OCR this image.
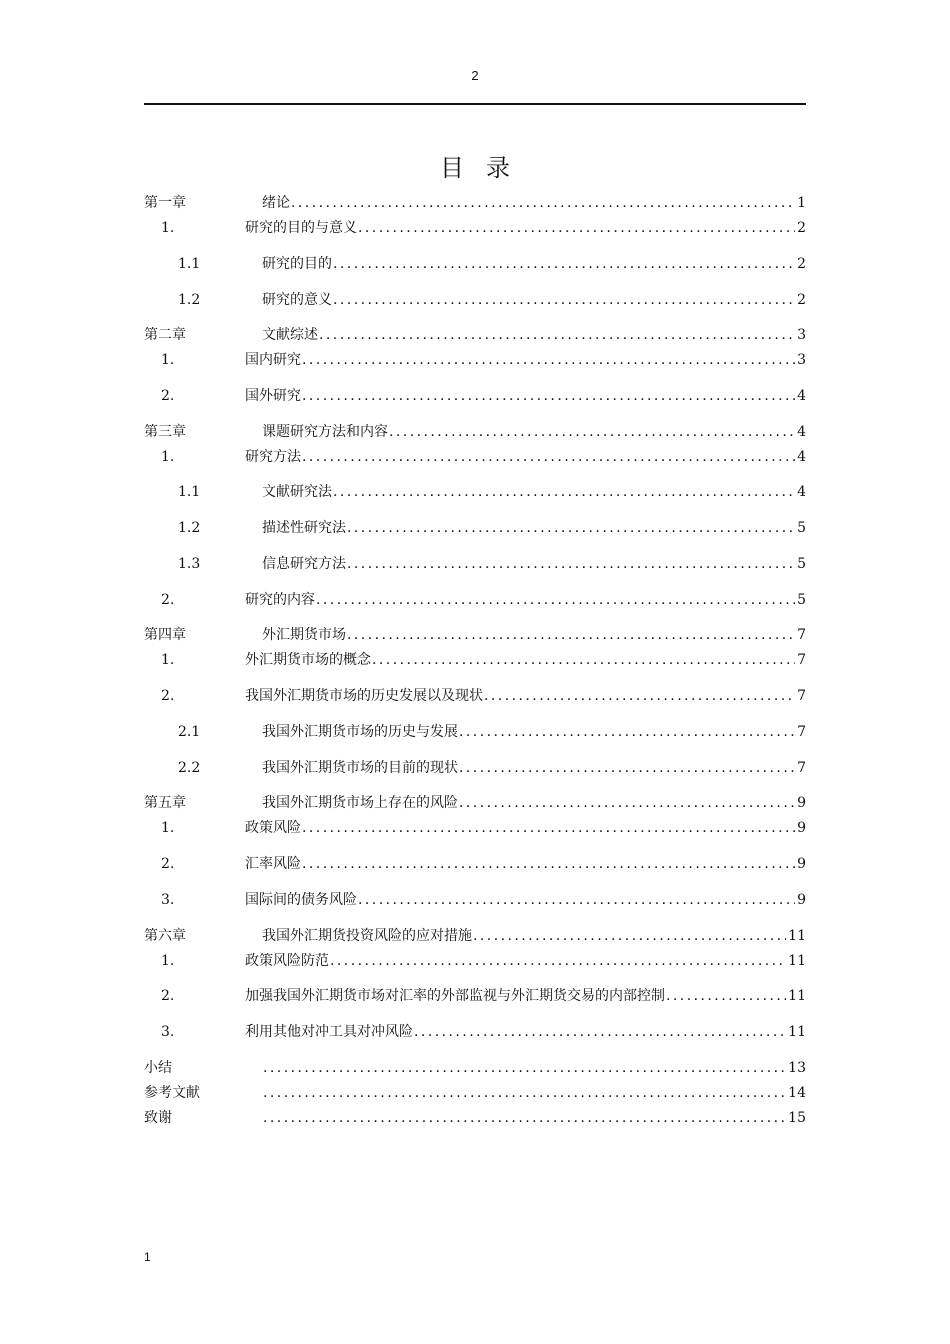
2
目录
第一章	绪论 . . .	1
1.	研究的目的与意义 . . .	2
1.1	研究的目的 . . .	2
1.2	研究的意义 . . .	2
第二章	文献综述 . . .	3
1.	国内研究 . . .	3
2.	国外研究 . . .	4
第三章	课题研究方法和内容 . . .	4
1.	研究方法 . . .	4
1.1	文献研究法 . . .	4
1.2	描述性研究法 . . .	5
1.3	信息研究方法 . . .	5
2.	研究的内容 . . .	5
第四章	外汇期货市场 . . .	7
1.	外汇期货市场的概念 . . .	7
2.	我国外汇期货市场的历史发展以及现状 . . .	7
2.1	我国外汇期货市场的历史与发展 . . .	7
2.2	我国外汇期货市场的目前的现状 . . .	7
第五章	我国外汇期货市场上存在的风险 . . .	9
1.	政策风险 . . .	9
2.	汇率风险 . . .	9
3.	国际间的债务风险 . . .	9
第六章	我国外汇期货投资风险的应对措施 . . .	11
1.	政策风险防范 . . .	11
2.	加强我国外汇期货市场对汇率的外部监视与外汇期货交易的内部控制 . . .	11
3.	利用其他对冲工具对冲风险 . . .	11
小结 . . .	13
参考文献 . . .	14
致谢 . . .	15
1
